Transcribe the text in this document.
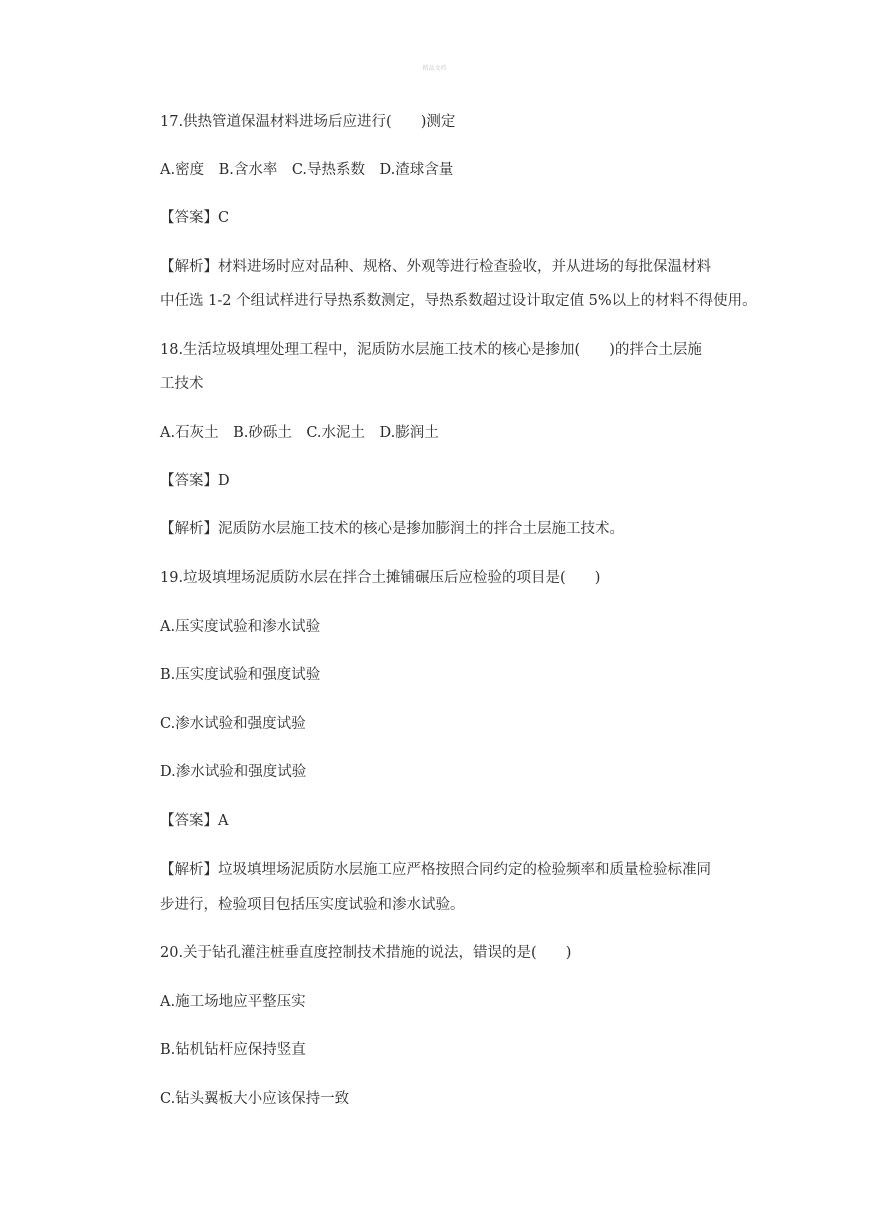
精品文档
17.供热管道保温材料进场后应进行(　　)测定
A.密度　B.含水率　C.导热系数　D.渣球含量
【答案】C
【解析】材料进场时应对品种、规格、外观等进行检查验收，并从进场的每批保温材料
中任选 1-2 个组试样进行导热系数测定，导热系数超过设计取定值 5%以上的材料不得使用。
18.生活垃圾填埋处理工程中，泥质防水层施工技术的核心是掺加(　　)的拌合土层施
工技术
A.石灰土　B.砂砾土　C.水泥土　D.膨润土
【答案】D
【解析】泥质防水层施工技术的核心是掺加膨润土的拌合土层施工技术。
19.垃圾填埋场泥质防水层在拌合土摊铺碾压后应检验的项目是(　　)
A.压实度试验和渗水试验
B.压实度试验和强度试验
C.渗水试验和强度试验
D.渗水试验和强度试验
【答案】A
【解析】垃圾填埋场泥质防水层施工应严格按照合同约定的检验频率和质量检验标准同
步进行，检验项目包括压实度试验和渗水试验。
20.关于钻孔灌注桩垂直度控制技术措施的说法，错误的是(　　)
A.施工场地应平整压实
B.钻机钻杆应保持竖直
C.钻头翼板大小应该保持一致
